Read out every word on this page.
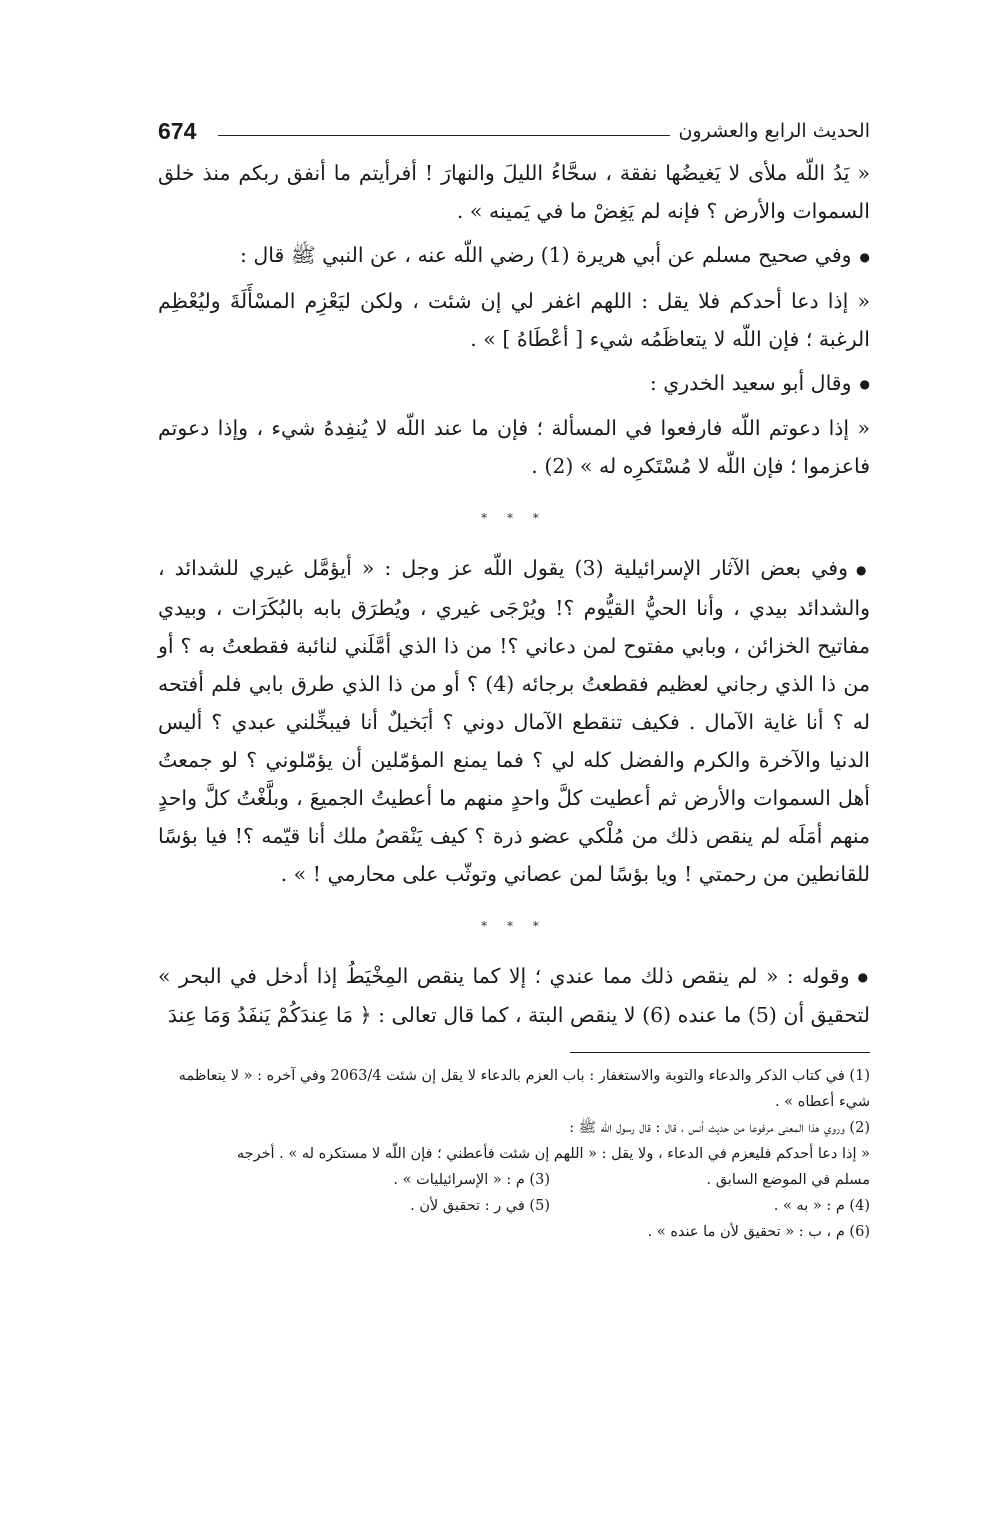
674	الحديث الرابع والعشرون

« يَدُ اللّه ملأى لا يَغيضُها نفقة ، سحَّاءُ الليلَ والنهارَ ! أفرأيتم ما أنفق ربكم منذ خلق السموات والأرض ؟ فإنه لم يَغِضْ ما في يَمينه » .

● وفي صحيح مسلم عن أبي هريرة (1) رضي اللّه عنه ، عن النبي ﷺ قال :

« إذا دعا أحدكم فلا يقل : اللهم اغفر لي إن شئت ، ولكن ليَعْزِم المسْأَلَةَ وليُعْظِم الرغبة ؛ فإن اللّه لا يتعاظَمُه شيء [ أعْطَاهُ ] » .

● وقال أبو سعيد الخدري :

« إذا دعوتم اللّه فارفعوا في المسألة ؛ فإن ما عند اللّه لا يُنفِدهُ شيء ، وإذا دعوتم فاعزموا ؛ فإن اللّه لا مُسْتَكرِه له » (2) .

* * *

● وفي بعض الآثار الإسرائيلية (3) يقول اللّه عز وجل : « أيؤمَّل غيري للشدائد ، والشدائد بيدي ، وأنا الحيُّ القيُّوم ؟! ويُرْجَى غيري ، ويُطرَق بابه بالبُكَرَات ، وبيدي مفاتيح الخزائن ، وبابي مفتوح لمن دعاني ؟! من ذا الذي أمَّلَني لنائبة فقطعتُ به ؟ أو من ذا الذي رجاني لعظيم فقطعتُ برجائه (4) ؟ أو من ذا الذي طرق بابي فلم أفتحه له ؟ أنا غاية الآمال . فكيف تنقطع الآمال دوني ؟ أبَخيلٌ أنا فيبخِّلني عبدي ؟ أليس الدنيا والآخرة والكرم والفضل كله لي ؟ فما يمنع المؤمّلين أن يؤمّلوني ؟ لو جمعتُ أهل السموات والأرض ثم أعطيت كلَّ واحدٍ منهم ما أعطيتُ الجميعَ ، وبلَّغْتُ كلَّ واحدٍ منهم أمَلَه لم ينقص ذلك من مُلْكي عضو ذرة ؟ كيف يَنْقصُ ملك أنا قيّمه ؟! فيا بؤسًا للقانطين من رحمتي ! ويا بؤسًا لمن عصاني وتوثّب على محارمي ! » .

* * *

● وقوله : « لم ينقص ذلك مما عندي ؛ إلا كما ينقص المِخْيَطُ إذا أدخل في البحر » لتحقيق أن (5) ما عنده (6) لا ينقص البتة ، كما قال تعالى : ﴿ مَا عِندَكُمْ يَنفَدُ وَمَا عِندَ

(1) في كتاب الذكر والدعاء والتوبة والاستغفار : باب العزم بالدعاء لا يقل إن شئت 2063/4 وفي آخره : « لا يتعاظمه شيء أعطاه » .

(2) وروي هذا المعنى مرفوعا من حديث أنس ، قال : قال رسول اللّه ﷺ :

« إذا دعا أحدكم فليعزم في الدعاء ، ولا يقل : « اللهم إن شئت فأعطني ؛ فإن اللّه لا مستكره له » . أخرجه

مسلم في الموضع السابق .
(3) م : « الإسرائيليات » .
(4) م : « به » .
(5) في ر : تحقيق لأن .

(6) م ، ب : « تحقيق لأن ما عنده » .
